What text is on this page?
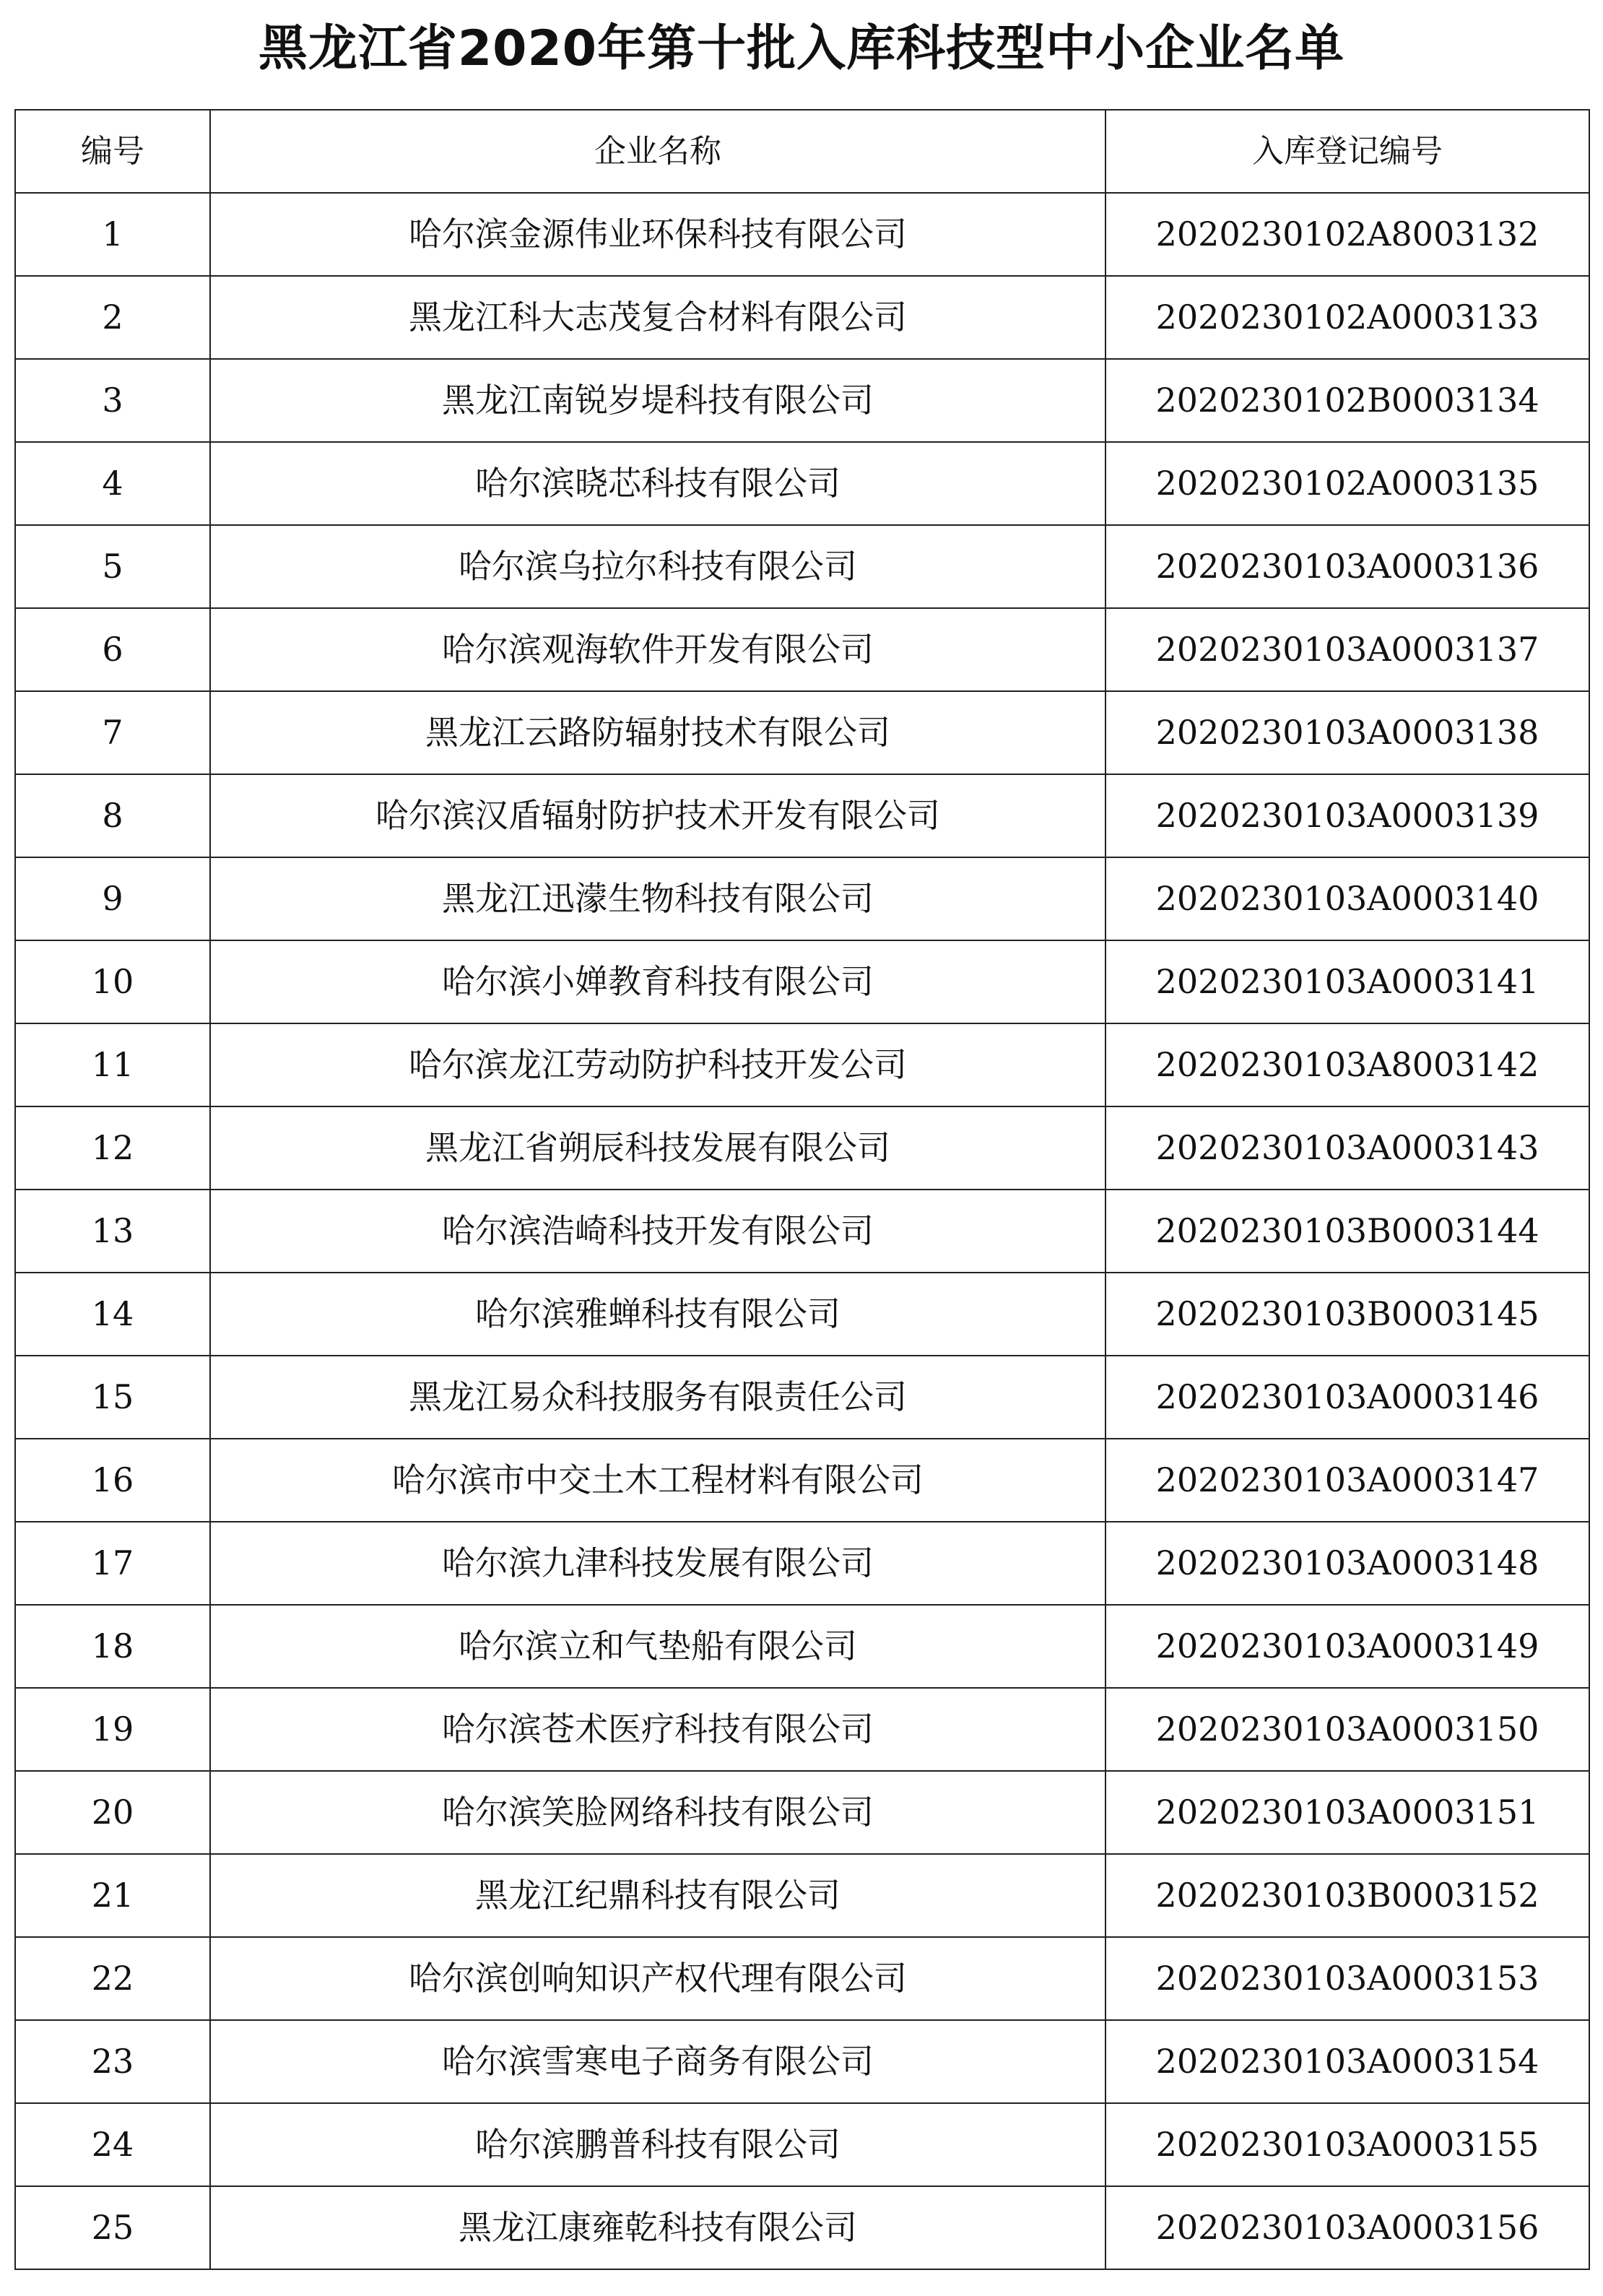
黑龙江省2020年第十批入库科技型中小企业名单
编号	企业名称	入库登记编号
1	哈尔滨金源伟业环保科技有限公司	2020230102A8003132
2	黑龙江科大志茂复合材料有限公司	2020230102A0003133
3	黑龙江南锐岁堤科技有限公司	2020230102B0003134
4	哈尔滨晓芯科技有限公司	2020230102A0003135
5	哈尔滨乌拉尔科技有限公司	2020230103A0003136
6	哈尔滨观海软件开发有限公司	2020230103A0003137
7	黑龙江云路防辐射技术有限公司	2020230103A0003138
8	哈尔滨汉盾辐射防护技术开发有限公司	2020230103A0003139
9	黑龙江迅濛生物科技有限公司	2020230103A0003140
10	哈尔滨小婵教育科技有限公司	2020230103A0003141
11	哈尔滨龙江劳动防护科技开发公司	2020230103A8003142
12	黑龙江省朔辰科技发展有限公司	2020230103A0003143
13	哈尔滨浩崎科技开发有限公司	2020230103B0003144
14	哈尔滨雅蝉科技有限公司	2020230103B0003145
15	黑龙江易众科技服务有限责任公司	2020230103A0003146
16	哈尔滨市中交土木工程材料有限公司	2020230103A0003147
17	哈尔滨九津科技发展有限公司	2020230103A0003148
18	哈尔滨立和气垫船有限公司	2020230103A0003149
19	哈尔滨苍术医疗科技有限公司	2020230103A0003150
20	哈尔滨笑脸网络科技有限公司	2020230103A0003151
21	黑龙江纪鼎科技有限公司	2020230103B0003152
22	哈尔滨创响知识产权代理有限公司	2020230103A0003153
23	哈尔滨雪寒电子商务有限公司	2020230103A0003154
24	哈尔滨鹏普科技有限公司	2020230103A0003155
25	黑龙江康雍乾科技有限公司	2020230103A0003156
